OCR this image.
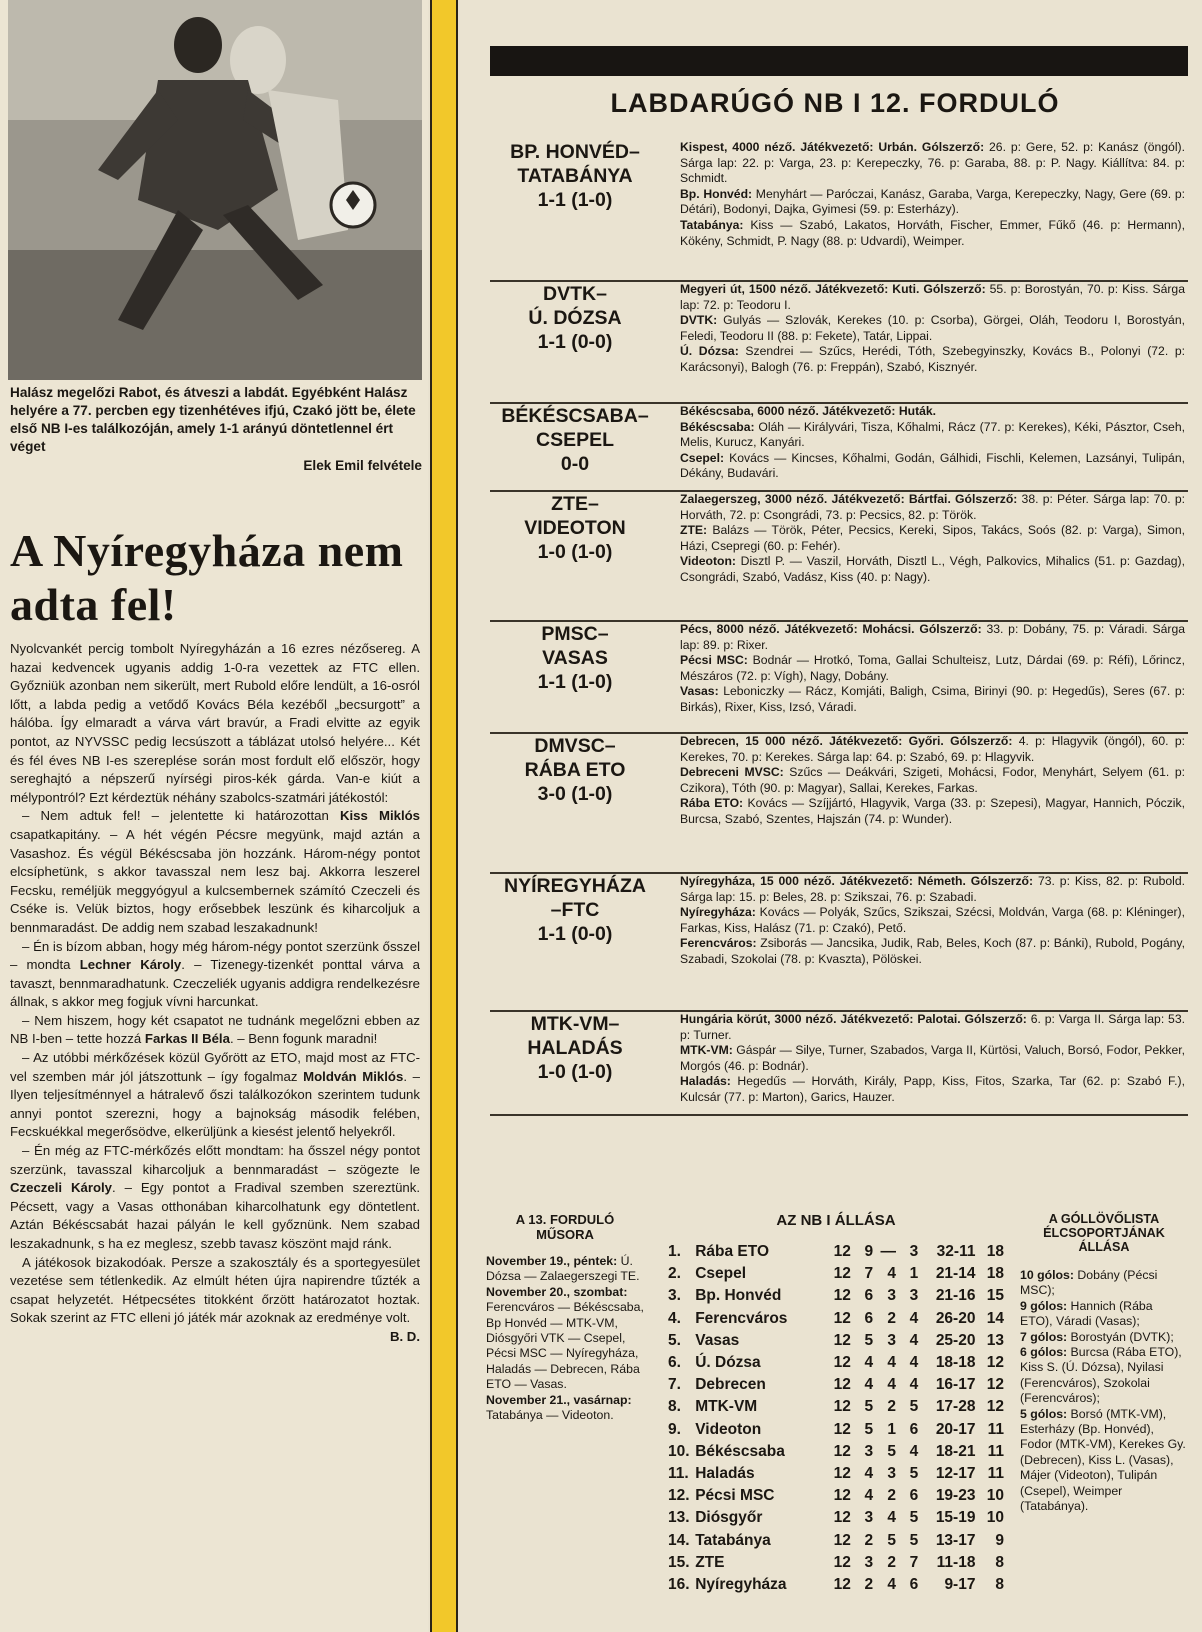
Halász megelőzi Rabot, és átveszi a labdát. Egyébként Halász helyére a 77. percben egy tizenhétéves ifjú, Czakó jött be, élete első NB I-es találkozóján, amely 1-1 arányú döntetlennel ért véget
Elek Emil felvétele
A Nyíregyháza nem adta fel!

Nyolcvankét percig tombolt Nyíregyházán a 16 ezres nézősereg. A hazai kedvencek ugyanis addig 1-0-ra vezettek az FTC ellen. Győzniük azonban nem sikerült, mert Rubold előre lendült, a 16-osról lőtt, a labda pedig a vetődő Kovács Béla kezéből „becsurgott” a hálóba. Így elmaradt a várva várt bravúr, a Fradi elvitte az egyik pontot, az NYVSSC pedig lecsúszott a táblázat utolsó helyére... Két és fél éves NB I-es szereplése során most fordult elő először, hogy sereghajtó a népszerű nyírségi piros-kék gárda. Van-e kiút a mélypontról? Ezt kérdeztük néhány szabolcs-szatmári játékostól:

– Nem adtuk fel! – jelentette ki határozottan Kiss Miklós csapatkapitány. – A hét végén Pécsre megyünk, majd aztán a Vasashoz. És végül Békéscsaba jön hozzánk. Három-négy pontot elcsíphetünk, s akkor tavasszal nem lesz baj. Akkorra leszerel Fecsku, reméljük meggyógyul a kulcsembernek számító Czeczeli és Cséke is. Velük biztos, hogy erősebbek leszünk és kiharcoljuk a bennmaradást. De addig nem szabad leszakadnunk!

– Én is bízom abban, hogy még három-négy pontot szerzünk ősszel – mondta Lechner Károly. – Tizenegy-tizenkét ponttal várva a tavaszt, bennmaradhatunk. Czeczeliék ugyanis addigra rendelkezésre állnak, s akkor meg fogjuk vívni harcunkat.

– Nem hiszem, hogy két csapatot ne tudnánk megelőzni ebben az NB I-ben – tette hozzá Farkas II Béla. – Benn fogunk maradni!

– Az utóbbi mérkőzések közül Győrött az ETO, majd most az FTC-vel szemben már jól játszottunk – így fogalmaz Moldván Miklós. – Ilyen teljesítménnyel a hátralevő őszi találkozókon szerintem tudunk annyi pontot szerezni, hogy a bajnokság második felében, Fecskuékkal megerősödve, elkerüljünk a kiesést jelentő helyekről.

– Én még az FTC-mérkőzés előtt mondtam: ha ősszel négy pontot szerzünk, tavasszal kiharcoljuk a bennmaradást – szögezte le Czeczeli Károly. – Egy pontot a Fradival szemben szereztünk. Pécsett, vagy a Vasas otthonában kiharcolhatunk egy döntetlent. Aztán Békéscsabát hazai pályán le kell győznünk. Nem szabad leszakadnunk, s ha ez meglesz, szebb tavasz köszönt majd ránk.

A játékosok bizakodóak. Persze a szakosztály és a sportegyesület vezetése sem tétlenkedik. Az elmúlt héten újra napirendre tűzték a csapat helyzetét. Hétpecsétes titokként őrzött határozatot hoztak. Sokak szerint az FTC elleni jó játék már azoknak az eredménye volt.

B. D.
LABDARÚGÓ NB I 12. FORDULÓ
BP. HONVÉD–
TATABÁNYA
1-1 (1-0)

Kispest, 4000 néző. Játékvezető: Urbán. Gólszerző: 26. p: Gere, 52. p: Kanász (öngól). Sárga lap: 22. p: Varga, 23. p: Kerepeczky, 76. p: Garaba, 88. p: P. Nagy. Kiállítva: 84. p: Schmidt.

Bp. Honvéd: Menyhárt — Paróczai, Kanász, Garaba, Varga, Kerepeczky, Nagy, Gere (69. p: Détári), Bodonyi, Dajka, Gyimesi (59. p: Esterházy).

Tatabánya: Kiss — Szabó, Lakatos, Horváth, Fischer, Emmer, Fűkő (46. p: Hermann), Kökény, Schmidt, P. Nagy (88. p: Udvardi), Weimper.

DVTK–
Ú. DÓZSA
1-1 (0-0)

Megyeri út, 1500 néző. Játékvezető: Kuti. Gólszerző: 55. p: Borostyán, 70. p: Kiss. Sárga lap: 72. p: Teodoru I.

DVTK: Gulyás — Szlovák, Kerekes (10. p: Csorba), Görgei, Oláh, Teodoru I, Borostyán, Feledi, Teodoru II (88. p: Fekete), Tatár, Lippai.

Ú. Dózsa: Szendrei — Szűcs, Herédi, Tóth, Szebegyinszky, Kovács B., Polonyi (72. p: Karácsonyi), Balogh (76. p: Freppán), Szabó, Kisznyér.

BÉKÉSCSABA–
CSEPEL
0-0

Békéscsaba, 6000 néző. Játékvezető: Huták.

Békéscsaba: Oláh — Királyvári, Tisza, Kőhalmi, Rácz (77. p: Kerekes), Kéki, Pásztor, Cseh, Melis, Kurucz, Kanyári.

Csepel: Kovács — Kincses, Kőhalmi, Godán, Gálhidi, Fischli, Kelemen, Lazsányi, Tulipán, Dékány, Budavári.

ZTE–
VIDEOTON
1-0 (1-0)

Zalaegerszeg, 3000 néző. Játékvezető: Bártfai. Gólszerző: 38. p: Péter. Sárga lap: 70. p: Horváth, 72. p: Csongrádi, 73. p: Pecsics, 82. p: Török.

ZTE: Balázs — Török, Péter, Pecsics, Kereki, Sipos, Takács, Soós (82. p: Varga), Simon, Házi, Csepregi (60. p: Fehér).

Videoton: Disztl P. — Vaszil, Horváth, Disztl L., Végh, Palkovics, Mihalics (51. p: Gazdag), Csongrádi, Szabó, Vadász, Kiss (40. p: Nagy).

PMSC–
VASAS
1-1 (1-0)

Pécs, 8000 néző. Játékvezető: Mohácsi. Gólszerző: 33. p: Dobány, 75. p: Váradi. Sárga lap: 89. p: Rixer.

Pécsi MSC: Bodnár — Hrotkó, Toma, Gallai Schulteisz, Lutz, Dárdai (69. p: Réfi), Lőrincz, Mészáros (72. p: Vígh), Nagy, Dobány.

Vasas: Leboniczky — Rácz, Komjáti, Baligh, Csima, Birinyi (90. p: Hegedűs), Seres (67. p: Birkás), Rixer, Kiss, Izsó, Váradi.

DMVSC–
RÁBA ETO
3-0 (1-0)

Debrecen, 15 000 néző. Játékvezető: Győri. Gólszerző: 4. p: Hlagyvik (öngól), 60. p: Kerekes, 70. p: Kerekes. Sárga lap: 64. p: Szabó, 69. p: Hlagyvik.

Debreceni MVSC: Szűcs — Deákvári, Szigeti, Mohácsi, Fodor, Menyhárt, Selyem (61. p: Czikora), Tóth (90. p: Magyar), Sallai, Kerekes, Farkas.

Rába ETO: Kovács — Szíjjártó, Hlagyvik, Varga (33. p: Szepesi), Magyar, Hannich, Póczik, Burcsa, Szabó, Szentes, Hajszán (74. p: Wunder).

NYÍREGYHÁZA
–FTC
1-1 (0-0)

Nyíregyháza, 15 000 néző. Játékvezető: Németh. Gólszerző: 73. p: Kiss, 82. p: Rubold. Sárga lap: 15. p: Beles, 28. p: Szikszai, 76. p: Szabadi.

Nyíregyháza: Kovács — Polyák, Szűcs, Szikszai, Szécsi, Moldván, Varga (68. p: Kléninger), Farkas, Kiss, Halász (71. p: Czakó), Pető.

Ferencváros: Zsiborás — Jancsika, Judik, Rab, Beles, Koch (87. p: Bánki), Rubold, Pogány, Szabadi, Szokolai (78. p: Kvaszta), Pölöskei.

MTK-VM–
HALADÁS
1-0 (1-0)

Hungária körút, 3000 néző. Játékvezető: Palotai. Gólszerző: 6. p: Varga II. Sárga lap: 53. p: Turner.

MTK-VM: Gáspár — Silye, Turner, Szabados, Varga II, Kürtösi, Valuch, Borsó, Fodor, Pekker, Morgós (46. p: Bodnár).

Haladás: Hegedűs — Horváth, Király, Papp, Kiss, Fitos, Szarka, Tar (62. p: Szabó F.), Kulcsár (77. p: Marton), Garics, Hauzer.

A 13. FORDULÓ MŰSORA

November 19., péntek: Ú. Dózsa — Zalaegerszegi TE.

November 20., szombat: Ferencváros — Békéscsaba, Bp Honvéd — MTK-VM, Diósgyőri VTK — Csepel, Pécsi MSC — Nyíregyháza, Haladás — Debrecen, Rába ETO — Vasas.

November 21., vasárnap: Tatabánya — Videoton.

AZ NB I ÁLLÁSA
1.	Rába ETO	12	9	—	3	32-11	18
2.	Csepel	12	7	4	1	21-14	18
3.	Bp. Honvéd	12	6	3	3	21-16	15
4.	Ferencváros	12	6	2	4	26-20	14
5.	Vasas	12	5	3	4	25-20	13
6.	Ú. Dózsa	12	4	4	4	18-18	12
7.	Debrecen	12	4	4	4	16-17	12
8.	MTK-VM	12	5	2	5	17-28	12
9.	Videoton	12	5	1	6	20-17	11
10.	Békéscsaba	12	3	5	4	18-21	11
11.	Haladás	12	4	3	5	12-17	11
12.	Pécsi MSC	12	4	2	6	19-23	10
13.	Diósgyőr	12	3	4	5	15-19	10
14.	Tatabánya	12	2	5	5	13-17	9
15.	ZTE	12	3	2	7	11-18	8
16.	Nyíregyháza	12	2	4	6	9-17	8
A GÓLLÖVŐLISTA ÉLCSOPORTJÁNAK ÁLLÁSA

10 gólos: Dobány (Pécsi MSC);

9 gólos: Hannich (Rába ETO), Váradi (Vasas);

7 gólos: Borostyán (DVTK);

6 gólos: Burcsa (Rába ETO), Kiss S. (Ú. Dózsa), Nyilasi (Ferencváros), Szokolai (Ferencváros);

5 gólos: Borsó (MTK-VM), Esterházy (Bp. Honvéd), Fodor (MTK-VM), Kerekes Gy. (Debrecen), Kiss L. (Vasas), Májer (Videoton), Tulipán (Csepel), Weimper (Tatabánya).
